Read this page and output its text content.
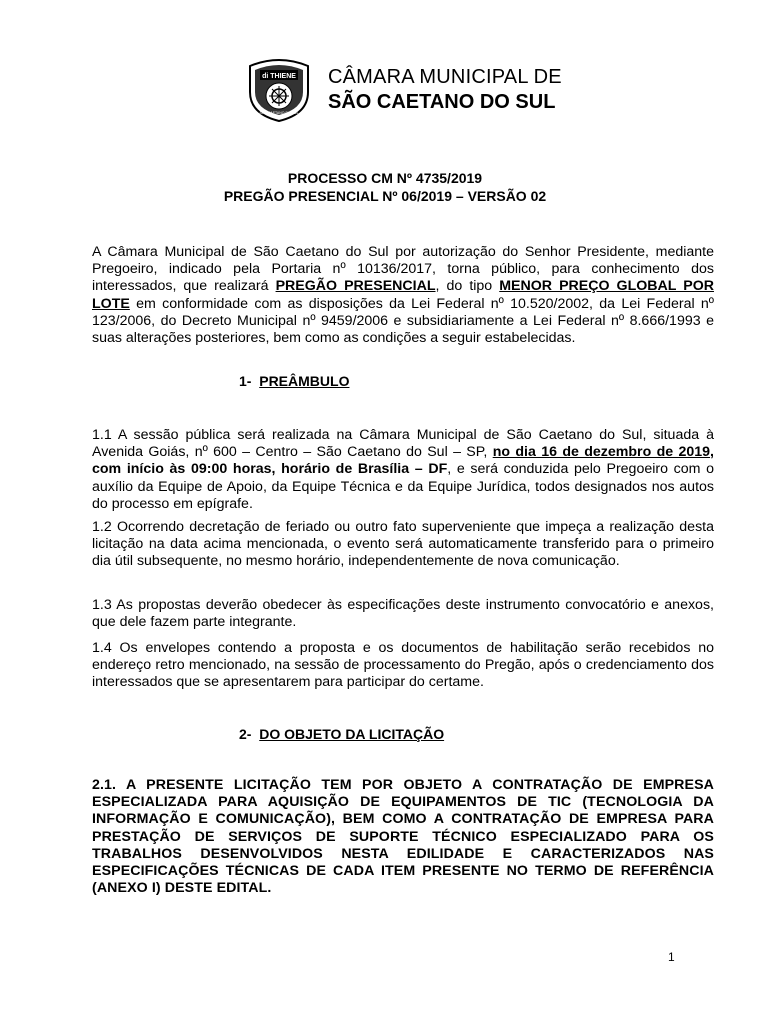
di THIENE
SÃO CAETANO DO SUL
CÂMARA MUNICIPAL DE
SÃO CAETANO DO SUL
PROCESSO CM Nº 4735/2019
PREGÃO PRESENCIAL Nº 06/2019 – VERSÃO 02
A Câmara Municipal de São Caetano do Sul por autorização do Senhor Presidente, mediante Pregoeiro, indicado pela Portaria nº 10136/2017, torna público, para conhecimento dos interessados, que realizará PREGÃO PRESENCIAL, do tipo MENOR PREÇO GLOBAL POR LOTE em conformidade com as disposições da Lei Federal nº 10.520/2002, da Lei Federal nº 123/2006, do Decreto Municipal nº 9459/2006 e subsidiariamente a Lei Federal nº 8.666/1993 e suas alterações posteriores, bem como as condições a seguir estabelecidas.
1- PREÂMBULO
1.1 A sessão pública será realizada na Câmara Municipal de São Caetano do Sul, situada à Avenida Goiás, nº 600 – Centro – São Caetano do Sul – SP, no dia 16 de dezembro de 2019, com início às 09:00 horas, horário de Brasília – DF, e será conduzida pelo Pregoeiro com o auxílio da Equipe de Apoio, da Equipe Técnica e da Equipe Jurídica, todos designados nos autos do processo em epígrafe.
1.2 Ocorrendo decretação de feriado ou outro fato superveniente que impeça a realização desta licitação na data acima mencionada, o evento será automaticamente transferido para o primeiro dia útil subsequente, no mesmo horário, independentemente de nova comunicação.
1.3 As propostas deverão obedecer às especificações deste instrumento convocatório e anexos, que dele fazem parte integrante.
1.4 Os envelopes contendo a proposta e os documentos de habilitação serão recebidos no endereço retro mencionado, na sessão de processamento do Pregão, após o credenciamento dos interessados que se apresentarem para participar do certame.
2- DO OBJETO DA LICITAÇÃO
2.1. A PRESENTE LICITAÇÃO TEM POR OBJETO A CONTRATAÇÃO DE EMPRESA ESPECIALIZADA PARA AQUISIÇÃO DE EQUIPAMENTOS DE TIC (TECNOLOGIA DA INFORMAÇÃO E COMUNICAÇÃO), BEM COMO A CONTRATAÇÃO DE EMPRESA PARA PRESTAÇÃO DE SERVIÇOS DE SUPORTE TÉCNICO ESPECIALIZADO PARA OS TRABALHOS DESENVOLVIDOS NESTA EDILIDADE E CARACTERIZADOS NAS ESPECIFICAÇÕES TÉCNICAS DE CADA ITEM PRESENTE NO TERMO DE REFERÊNCIA (ANEXO I) DESTE EDITAL.
1
